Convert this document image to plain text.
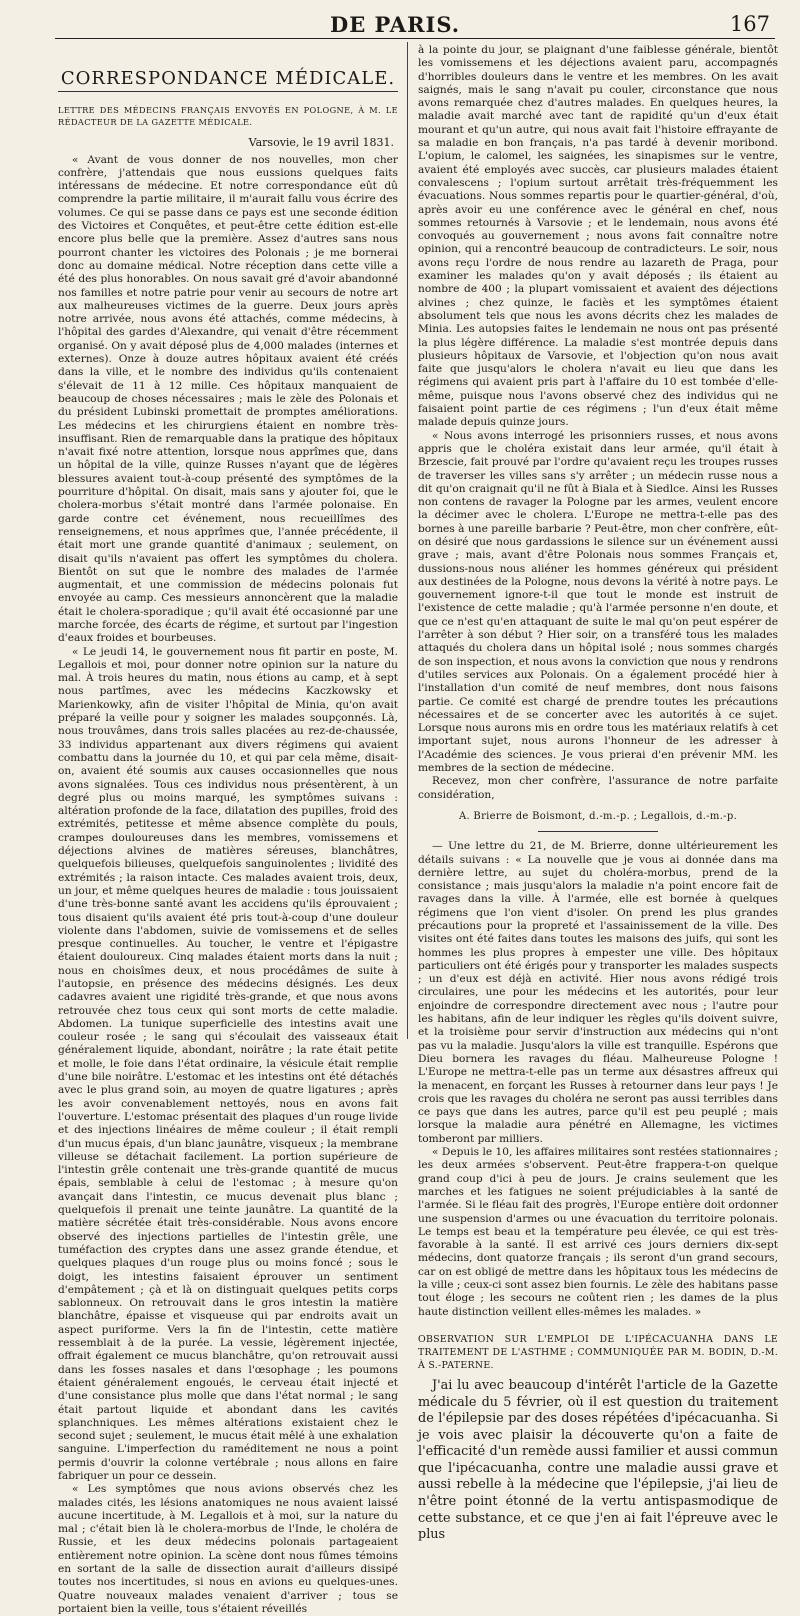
DE PARIS.	167
CORRESPONDANCE MÉDICALE.
LETTRE DES MÉDECINS FRANÇAIS ENVOYÉS EN POLOGNE, À M. LE RÉDACTEUR DE LA GAZETTE MÉDICALE.
Varsovie, le 19 avril 1831.

« Avant de vous donner de nos nouvelles, mon cher confrère, j'attendais que nous eussions quelques faits intéressans de médecine. Et notre correspondance eût dû comprendre la partie militaire, il m'aurait fallu vous écrire des volumes. Ce qui se passe dans ce pays est une seconde édition des Victoires et Conquêtes, et peut-être cette édition est-elle encore plus belle que la première. Assez d'autres sans nous pourront chanter les victoires des Polonais ; je me bornerai donc au domaine médical. Notre réception dans cette ville a été des plus honorables. On nous savait gré d'avoir abandonné nos familles et notre patrie pour venir au secours de notre art aux malheureuses victimes de la guerre. Deux jours après notre arrivée, nous avons été attachés, comme médecins, à l'hôpital des gardes d'Alexandre, qui venait d'être récemment organisé. On y avait déposé plus de 4,000 malades (internes et externes). Onze à douze autres hôpitaux avaient été créés dans la ville, et le nombre des individus qu'ils contenaient s'élevait de 11 à 12 mille. Ces hôpitaux manquaient de beaucoup de choses nécessaires ; mais le zèle des Polonais et du président Lubinski promettait de promptes améliorations. Les médecins et les chirurgiens étaient en nombre très-insuffisant. Rien de remarquable dans la pratique des hôpitaux n'avait fixé notre attention, lorsque nous apprîmes que, dans un hôpital de la ville, quinze Russes n'ayant que de légères blessures avaient tout-à-coup présenté des symptômes de la pourriture d'hôpital. On disait, mais sans y ajouter foi, que le cholera-morbus s'était montré dans l'armée polonaise. En garde contre cet événement, nous recueillîmes des renseignemens, et nous apprîmes que, l'année précédente, il était mort une grande quantité d'animaux ; seulement, on disait qu'ils n'avaient pas offert les symptômes du cholera. Bientôt on sut que le nombre des malades de l'armée augmentait, et une commission de médecins polonais fut envoyée au camp. Ces messieurs annoncèrent que la maladie était le cholera-sporadique ; qu'il avait été occasionné par une marche forcée, des écarts de régime, et surtout par l'ingestion d'eaux froides et bourbeuses.

« Le jeudi 14, le gouvernement nous fit partir en poste, M. Legallois et moi, pour donner notre opinion sur la nature du mal. À trois heures du matin, nous étions au camp, et à sept nous partîmes, avec les médecins Kaczkowsky et Marienkowky, afin de visiter l'hôpital de Minia, qu'on avait préparé la veille pour y soigner les malades soupçonnés. Là, nous trouvâmes, dans trois salles placées au rez-de-chaussée, 33 individus appartenant aux divers régimens qui avaient combattu dans la journée du 10, et qui par cela même, disait-on, avaient été soumis aux causes occasionnelles que nous avons signalées. Tous ces individus nous présentèrent, à un degré plus ou moins marqué, les symptômes suivans : altération profonde de la face, dilatation des pupilles, froid des extrémités, petitesse et même absence complète du pouls, crampes douloureuses dans les membres, vomissemens et déjections alvines de matières séreuses, blanchâtres, quelquefois bilieuses, quelquefois sanguinolentes ; lividité des extrémités ; la raison intacte. Ces malades avaient trois, deux, un jour, et même quelques heures de maladie : tous jouissaient d'une très-bonne santé avant les accidens qu'ils éprouvaient ; tous disaient qu'ils avaient été pris tout-à-coup d'une douleur violente dans l'abdomen, suivie de vomissemens et de selles presque continuelles. Au toucher, le ventre et l'épigastre étaient douloureux. Cinq malades étaient morts dans la nuit ; nous en choisîmes deux, et nous procédâmes de suite à l'autopsie, en présence des médecins désignés. Les deux cadavres avaient une rigidité très-grande, et que nous avons retrouvée chez tous ceux qui sont morts de cette maladie. Abdomen. La tunique superficielle des intestins avait une couleur rosée ; le sang qui s'écoulait des vaisseaux était généralement liquide, abondant, noirâtre ; la rate était petite et molle, le foie dans l'état ordinaire, la vésicule était remplie d'une bile noirâtre. L'estomac et les intestins ont été détachés avec le plus grand soin, au moyen de quatre ligatures ; après les avoir convenablement nettoyés, nous en avons fait l'ouverture. L'estomac présentait des plaques d'un rouge livide et des injections linéaires de même couleur ; il était rempli d'un mucus épais, d'un blanc jaunâtre, visqueux ; la membrane villeuse se détachait facilement. La portion supérieure de l'intestin grêle contenait une très-grande quantité de mucus épais, semblable à celui de l'estomac ; à mesure qu'on avançait dans l'intestin, ce mucus devenait plus blanc ; quelquefois il prenait une teinte jaunâtre. La quantité de la matière sécrétée était très-considérable. Nous avons encore observé des injections partielles de l'intestin grêle, une tuméfaction des cryptes dans une assez grande étendue, et quelques plaques d'un rouge plus ou moins foncé ; sous le doigt, les intestins faisaient éprouver un sentiment d'empâtement ; çà et là on distinguait quelques petits corps sablonneux. On retrouvait dans le gros intestin la matière blanchâtre, épaisse et visqueuse qui par endroits avait un aspect puriforme. Vers la fin de l'intestin, cette matière ressemblait à de la purée. La vessie, légèrement injectée, offrait également ce mucus blanchâtre, qu'on retrouvait aussi dans les fosses nasales et dans l'œsophage ; les poumons étaient généralement engoués, le cerveau était injecté et d'une consistance plus molle que dans l'état normal ; le sang était partout liquide et abondant dans les cavités splanchniques. Les mêmes altérations existaient chez le second sujet ; seulement, le mucus était mêlé à une exhalation sanguine. L'imperfection du raméditement ne nous a point permis d'ouvrir la colonne vertébrale ; nous allons en faire fabriquer un pour ce dessein.

« Les symptômes que nous avions observés chez les malades cités, les lésions anatomiques ne nous avaient laissé aucune incertitude, à M. Legallois et à moi, sur la nature du mal ; c'était bien là le cholera-morbus de l'Inde, le choléra de Russie, et les deux médecins polonais partageaient entièrement notre opinion. La scène dont nous fûmes témoins en sortant de la salle de dissection aurait d'ailleurs dissipé toutes nos incertitudes, si nous en avions eu quelques-unes. Quatre nouveaux malades venaient d'arriver ; tous se portaient bien la veille, tous s'étaient réveillés

à la pointe du jour, se plaignant d'une faiblesse générale, bientôt les vomissemens et les déjections avaient paru, accompagnés d'horribles douleurs dans le ventre et les membres. On les avait saignés, mais le sang n'avait pu couler, circonstance que nous avons remarquée chez d'autres malades. En quelques heures, la maladie avait marché avec tant de rapidité qu'un d'eux était mourant et qu'un autre, qui nous avait fait l'histoire effrayante de sa maladie en bon français, n'a pas tardé à devenir moribond. L'opium, le calomel, les saignées, les sinapismes sur le ventre, avaient été employés avec succès, car plusieurs malades étaient convalescens ; l'opium surtout arrêtait très-fréquemment les évacuations. Nous sommes repartis pour le quartier-général, d'où, après avoir eu une conférence avec le général en chef, nous sommes retournés à Varsovie ; et le lendemain, nous avons été convoqués au gouvernement ; nous avons fait connaître notre opinion, qui a rencontré beaucoup de contradicteurs. Le soir, nous avons reçu l'ordre de nous rendre au lazareth de Praga, pour examiner les malades qu'on y avait déposés ; ils étaient au nombre de 400 ; la plupart vomissaient et avaient des déjections alvines ; chez quinze, le faciès et les symptômes étaient absolument tels que nous les avons décrits chez les malades de Minia. Les autopsies faites le lendemain ne nous ont pas présenté la plus légère différence. La maladie s'est montrée depuis dans plusieurs hôpitaux de Varsovie, et l'objection qu'on nous avait faite que jusqu'alors le cholera n'avait eu lieu que dans les régimens qui avaient pris part à l'affaire du 10 est tombée d'elle-même, puisque nous l'avons observé chez des individus qui ne faisaient point partie de ces régimens ; l'un d'eux était même malade depuis quinze jours.

« Nous avons interrogé les prisonniers russes, et nous avons appris que le choléra existait dans leur armée, qu'il était à Brzescie, fait prouvé par l'ordre qu'avaient reçu les troupes russes de traverser les villes sans s'y arrêter ; un médecin russe nous a dit qu'on craignait qu'il ne fût à Biala et à Siedlce. Ainsi les Russes non contens de ravager la Pologne par les armes, veulent encore la décimer avec le cholera. L'Europe ne mettra-t-elle pas des bornes à une pareille barbarie ? Peut-être, mon cher confrère, eût-on désiré que nous gardassions le silence sur un événement aussi grave ; mais, avant d'être Polonais nous sommes Français et, dussions-nous nous aliéner les hommes généreux qui président aux destinées de la Pologne, nous devons la vérité à notre pays. Le gouvernement ignore-t-il que tout le monde est instruit de l'existence de cette maladie ; qu'à l'armée personne n'en doute, et que ce n'est qu'en attaquant de suite le mal qu'on peut espérer de l'arrêter à son début ? Hier soir, on a transféré tous les malades attaqués du cholera dans un hôpital isolé ; nous sommes chargés de son inspection, et nous avons la conviction que nous y rendrons d'utiles services aux Polonais. On a également procédé hier à l'installation d'un comité de neuf membres, dont nous faisons partie. Ce comité est chargé de prendre toutes les précautions nécessaires et de se concerter avec les autorités à ce sujet. Lorsque nous aurons mis en ordre tous les matériaux relatifs à cet important sujet, nous aurons l'honneur de les adresser à l'Académie des sciences. Je vous prierai d'en prévenir MM. les membres de la section de médecine.

Recevez, mon cher confrère, l'assurance de notre parfaite considération,

A. Brierre de Boismont, d.-m.-p. ; Legallois, d.-m.-p.

— Une lettre du 21, de M. Brierre, donne ultérieurement les détails suivans : « La nouvelle que je vous ai donnée dans ma dernière lettre, au sujet du choléra-morbus, prend de la consistance ; mais jusqu'alors la maladie n'a point encore fait de ravages dans la ville. À l'armée, elle est bornée à quelques régimens que l'on vient d'isoler. On prend les plus grandes précautions pour la propreté et l'assainissement de la ville. Des visites ont été faites dans toutes les maisons des juifs, qui sont les hommes les plus propres à empester une ville. Des hôpitaux particuliers ont été érigés pour y transporter les malades suspects ; un d'eux est déjà en activité. Hier nous avons rédigé trois circulaires, une pour les médecins et les autorités, pour leur enjoindre de correspondre directement avec nous ; l'autre pour les habitans, afin de leur indiquer les règles qu'ils doivent suivre, et la troisième pour servir d'instruction aux médecins qui n'ont pas vu la maladie. Jusqu'alors la ville est tranquille. Espérons que Dieu bornera les ravages du fléau. Malheureuse Pologne ! L'Europe ne mettra-t-elle pas un terme aux désastres affreux qui la menacent, en forçant les Russes à retourner dans leur pays ! Je crois que les ravages du choléra ne seront pas aussi terribles dans ce pays que dans les autres, parce qu'il est peu peuplé ; mais lorsque la maladie aura pénétré en Allemagne, les victimes tomberont par milliers.

« Depuis le 10, les affaires militaires sont restées stationnaires ; les deux armées s'observent. Peut-être frappera-t-on quelque grand coup d'ici à peu de jours. Je crains seulement que les marches et les fatigues ne soient préjudiciables à la santé de l'armée. Si le fléau fait des progrès, l'Europe entière doit ordonner une suspension d'armes ou une évacuation du territoire polonais. Le temps est beau et la température peu élevée, ce qui est très-favorable à la santé. Il est arrivé ces jours derniers dix-sept médecins, dont quatorze français ; ils seront d'un grand secours, car on est obligé de mettre dans les hôpitaux tous les médecins de la ville ; ceux-ci sont assez bien fournis. Le zèle des habitans passe tout éloge ; les secours ne coûtent rien ; les dames de la plus haute distinction veillent elles-mêmes les malades. »

OBSERVATION SUR L'EMPLOI DE L'IPÉCACUANHA DANS LE TRAITEMENT DE L'ASTHME ; COMMUNIQUÉE PAR M. BODIN, D.-M. À S.-PATERNE.

J'ai lu avec beaucoup d'intérêt l'article de la Gazette médicale du 5 février, où il est question du traitement de l'épilepsie par des doses répétées d'ipécacuanha. Si je vois avec plaisir la découverte qu'on a faite de l'efficacité d'un remède aussi familier et aussi commun que l'ipécacuanha, contre une maladie aussi grave et aussi rebelle à la médecine que l'épilepsie, j'ai lieu de n'être point étonné de la vertu antispasmodique de cette substance, et ce que j'en ai fait l'épreuve avec le plus
